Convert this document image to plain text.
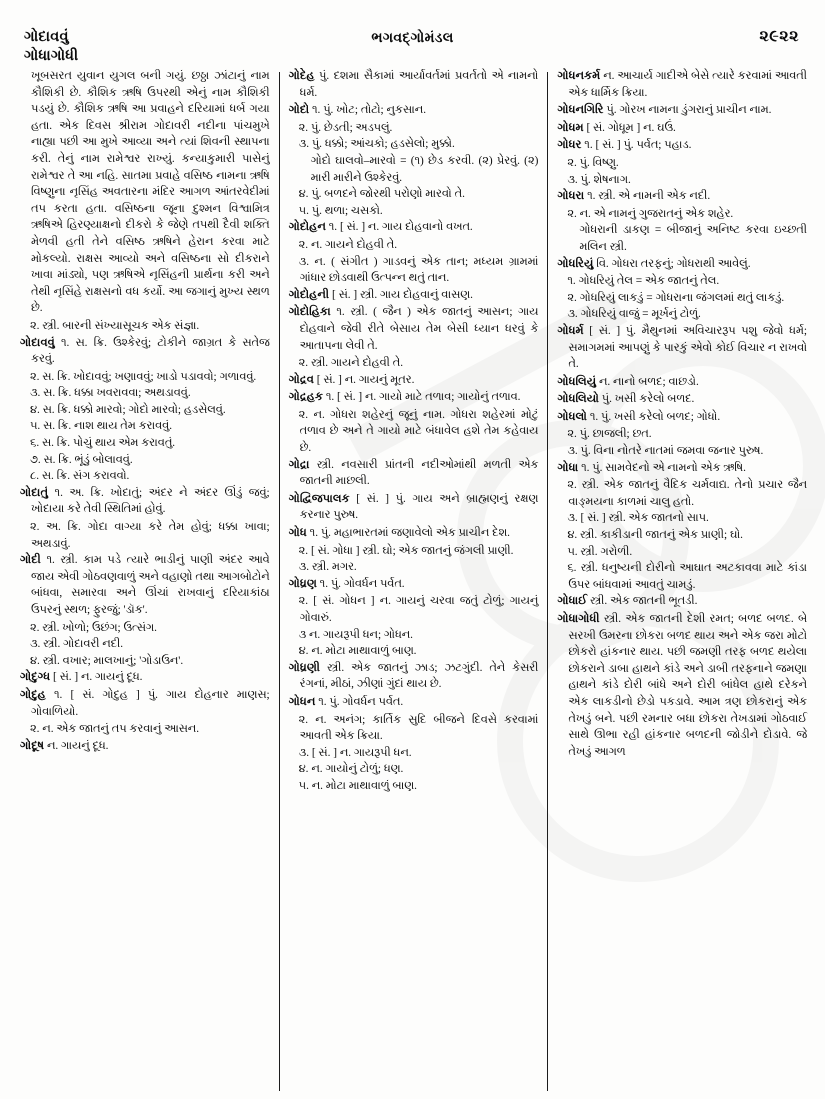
ગોદાવવું
ગોધાગોધી
ભગવદ્ગોમંડલ	૨૯૨૨
ખૂબસરત યુવાન યુગલ બની ગયું. છઠ્ઠા ઝાંટાનું નામ કૌશિકી છે. કૌશિક ઋષિ ઉપરથી એનું નામ કૌશિકી પડયું છે. કૌશિક ઋષિ આ પ્રવાહને દરિયામાં ધર્બ ગયા હતા. એક દિવસ શ્રીરામ ગોદાવરી નદીના પાંચમુખે નાહ્યા પછી આ મુખે આવ્યા અને ત્યાં શિવની સ્થાપના કરી. તેનું નામ રામેશ્વર રાખ્યું. કન્યાકુમારી પાસેનું રામેશ્વર તે આ નહિ. સાતમા પ્રવાહે વસિષ્ઠ નામના ઋષિ વિષ્ણુના નૃસિંહ અવતારના મંદિર આગળ આંતરવેદીમાં તપ કરતા હતા. વસિષ્ઠના જૂના દુશ્મન વિશ્વામિત્ર ઋષિએ હિરણ્યાક્ષનો દીકરો કે જેણે તપથી દૈવી શક્તિ મેળવી હતી તેને વસિષ્ઠ ઋષિને હેરાન કરવા માટે મોકલ્યો. રાક્ષસ આવ્યો અને વસિષ્ઠના સો દીકરાને ખાવા માંડ્યો, પણ ઋષિએ નૃસિંહની પ્રાર્થના કરી અને તેથી નૃસિંહે રાક્ષસનો વધ કર્યો. આ જગાનું મુખ્ય સ્થળ છે.
૨. સ્ત્રી. બારની સંખ્યાસૂચક એક સંજ્ઞા.
ગોદાવવું ૧. સ. ક્રિ. ઉશ્કેરવું; ટોકીને જાગ્રત કે સતેજ કરવું.
૨. સ. ક્રિ. ખોદાવવું; ખણાવવું; ખાડો પડાવવો; ગળાવવું.
૩. સ. ક્રિ. ધક્કા ખવરાવવા; અથડાવવું.
૪. સ. ક્રિ. ધક્કો મારવો; ગોદો મારવો; હડસેલવું.
૫. સ. ક્રિ. નાશ થાય તેમ કરાવવું.
૬. સ. ક્રિ. પોચું થાય એમ કરાવતું.
૭. સ. ક્રિ. ભૂંડું બોલાવવું.
૮. સ. ક્રિ. સંગ કરાવવો.
ગોદાતું ૧. અ. ક્રિ. ખોદાતું; અંદર ને અંદર ઊંડું જવું; ખોદાયા કરે તેવી સ્થિતિમાં હોવું.
૨. અ. ક્રિ. ગોદા વાગ્યા કરે તેમ હોવું; ધક્કા ખાવા; અથડાવું.
ગોદી ૧. સ્ત્રી. કામ પડે ત્યારે ભાડીનું પાણી અંદર આવે જાય એવી ગોઠવણવાળું અને વહાણો તથા આગબોટોને બાંધવા, સમારવા અને ઊંચાં રાખવાનું દરિયાકાંઠા ઉપરનું સ્થળ; ફુરજું; 'ડૉક'.
૨. સ્ત્રી. ખોળો; ઉછંગ; ઉત્સંગ.
૩. સ્ત્રી. ગોદાવરી નદી.
૪. સ્ત્રી. વખાર; માલખાનું; 'ગોડાઉન'.
ગોદુગ્ધ [ સં. ] ન. ગાયનું દૂધ.
ગોદુહ ૧. [ સં. ગોદુહ ] પું. ગાય દોહનાર માણસ; ગોવાળિયો.
૨. ન. એક જાતનું તપ કરવાનું આસન.
ગોદૂષ ન. ગાયનું દૂધ.
ગોદેહ પું. દશમા સૈકામાં આર્યાવર્તમાં પ્રવર્તતો એ નામનો ધર્મ.
ગોદો ૧. પું. ખોટ; તોટો; નુકસાન.
૨. પું. છેડતી; અડપલું.
૩. પું. ધક્કો; આંચકો; હડસેલો; મુક્કો.
ગોદો ઘાલવો–મારવો = (૧) છેડ કરવી. (૨) પ્રેરવું. (૨) મારી મારીને ઉશ્કેરવું.
૪. પું. બળદને જોરથી પરોણો મારવો તે.
૫. પું. થળા; ચસકો.
ગોદોહન ૧. [ સં. ] ન. ગાય દોહવાનો વખત.
૨. ન. ગાયને દોહવી તે.
૩. ન. ( સંગીત ) ગાડવનું એક તાન; મધ્યમ ગ્રામમાં ગાંધાર છોડવાથી ઉત્પન્ન થતું તાન.
ગોદોહની [ સં. ] સ્ત્રી. ગાય દોહવાનું વાસણ.
ગોદોહિકા ૧. સ્ત્રી. ( જૈન ) એક જાતનું આસન; ગાય દોહવાને જેવી રીતે બેસાય તેમ બેસી ધ્યાન ધરવું કે આતાપના લેવી તે.
૨. સ્ત્રી. ગાયને દોહવી તે.
ગોદ્રવ [ સં. ] ન. ગાયનું મૂતર.
ગોદ્રહક ૧. [ સં. ] ન. ગાયો માટે તળાવ; ગાયોનું તળાવ.
૨. ન. ગોધરા શહેરનું જૂનું નામ. ગોધરા શહેરમાં મોટું તળાવ છે અને તે ગાયો માટે બંધાવેલ હશે તેમ કહેવાય છે.
ગોદ્રા સ્ત્રી. નવસારી પ્રાંતની નદીઓમાંથી મળતી એક જાતની માછલી.
ગોદ્વિજપાલક [ સં. ] પું. ગાય અને બ્રાહ્મણનું રક્ષણ કરનાર પુરુષ.
ગોધ ૧. પું. મહાભારતમાં જણાવેલો એક પ્રાચીન દેશ.
૨. [ સં. ગોધા ] સ્ત્રી. ઘો; એક જાતનું જંગલી પ્રાણી.
૩. સ્ત્રી. મગર.
ગોધ્રણ ૧. પું. ગોવર્ધન પર્વત.
૨. [ સં. ગોધન ] ન. ગાયનું ચરવા જતું ટોળું; ગાયનું ગોવારું.
૩ ન. ગાયરૂપી ધન; ગોધન.
૪. ન. મોટા માથાવાળું બાણ.
ગોધ્રણી સ્ત્રી. એક જાતનું ઝાડ; ઝટગુંદી. તેને કેસરી રંગનાં, મીઠાં, ઝીણાં ગુંદાં થાય છે.
ગોધન ૧. પું. ગોવર્ધન પર્વત.
૨. ન. અનંગ; કાર્તિક સુદિ બીજને દિવસે કરવામાં આવતી એક ક્રિયા.
૩. [ સં. ] ન. ગાયરૂપી ધન.
૪. ન. ગાયોનું ટોળું; ધણ.
૫. ન. મોટા માથાવાળું બાણ.
ગોધનકર્મ ન. આચાર્ય ગાદીએ બેસે ત્યારે કરવામાં આવતી એક ધાર્મિક ક્રિયા.
ગોધનગિરિ પું. ગોરખ નામના ડુંગરાનું પ્રાચીન નામ.
ગોધમ [ સં. ગોધૂમ ] ન. ઘઉં.
ગોધર ૧. [ સં. ] પું. પર્વત; પહાડ.
૨. પું. વિષ્ણુ.
૩. પું. શેષનાગ.
ગોધરા ૧. સ્ત્રી. એ નામની એક નદી.
૨. ન. એ નામનું ગુજરાતનું એક શહેર.
ગોધરાની ડાકણ = બીજાનું અનિષ્ટ કરવા ઇચ્છતી મલિન સ્ત્રી.
ગોધરિયું વિ. ગોધરા તરફનું; ગોધરાથી આવેલું.
૧. ગોધરિયું તેલ = એક જાતનું તેલ.
૨. ગોધરિયું લાકડું = ગોધરાના જંગલમાં થતું લાકડું.
૩. ગોધરિયું વાજું = મૂર્ખનું ટોળું.
ગોધર્મ [ સં. ] પું. મૈથુનમાં અવિચારરૂપ પશુ જેવો ધર્મ; સમાગમમાં આપણું કે પારકું એવો કોઈ વિચાર ન રાખવો તે.
ગોધલિયું ન. નાનો બળદ; વાછડો.
ગોધલિયો પું. ખસી કરેલો બળદ.
ગોધલો ૧. પું. ખસી કરેલો બળદ; ગોધો.
૨. પું. છાજલી; છત.
૩. પું. વિના નોતરે નાતમાં જમવા જનાર પુરુષ.
ગોધા ૧. પું. સામવેદનો એ નામનો એક ઋષિ.
૨. સ્ત્રી. એક જાતનું વૈદિક ચર્મવાદ્ય. તેનો પ્રચાર જૈન વાઙ્મયના કાળમાં ચાલુ હતો.
૩. [ સં. ] સ્ત્રી. એક જાતનો સાપ.
૪. સ્ત્રી. કાકીડાની જાતનું એક પ્રાણી; ઘો.
૫. સ્ત્રી. ગરોળી.
૬. સ્ત્રી. ધનુષ્યની દોરીનો આઘાત અટકાવવા માટે કાંડા ઉપર બાંધવામાં આવતું ચામડું.
ગોધાઈ સ્ત્રી. એક જાતની ભૂતડી.
ગોધાગોધી સ્ત્રી. એક જાતની દેશી રમત; બળદ બળદ. બે સરખી ઉમરના છોકરા બળદ થાય અને એક જરા મોટો છોકરો હાંકનાર થાય. પછી જમણી તરફ બળદ થયેલા છોકરાને ડાબા હાથને કાંડે અને ડાબી તરફનાને જમણા હાથને કાંડે દોરી બાંધે અને દોરી બાંધેલ હાથે દરેકને એક લાકડીનો છેડો પકડાવે. આમ ત્રણ છોકરાનું એક તેખડું બને. પછી રમનાર બધા છોકરા તેખડામાં ગોઠવાઈ સાથે ઊભા રહી હાંકનાર બળદની જોડીને દોડાવે. જે તેખડું આગળ
